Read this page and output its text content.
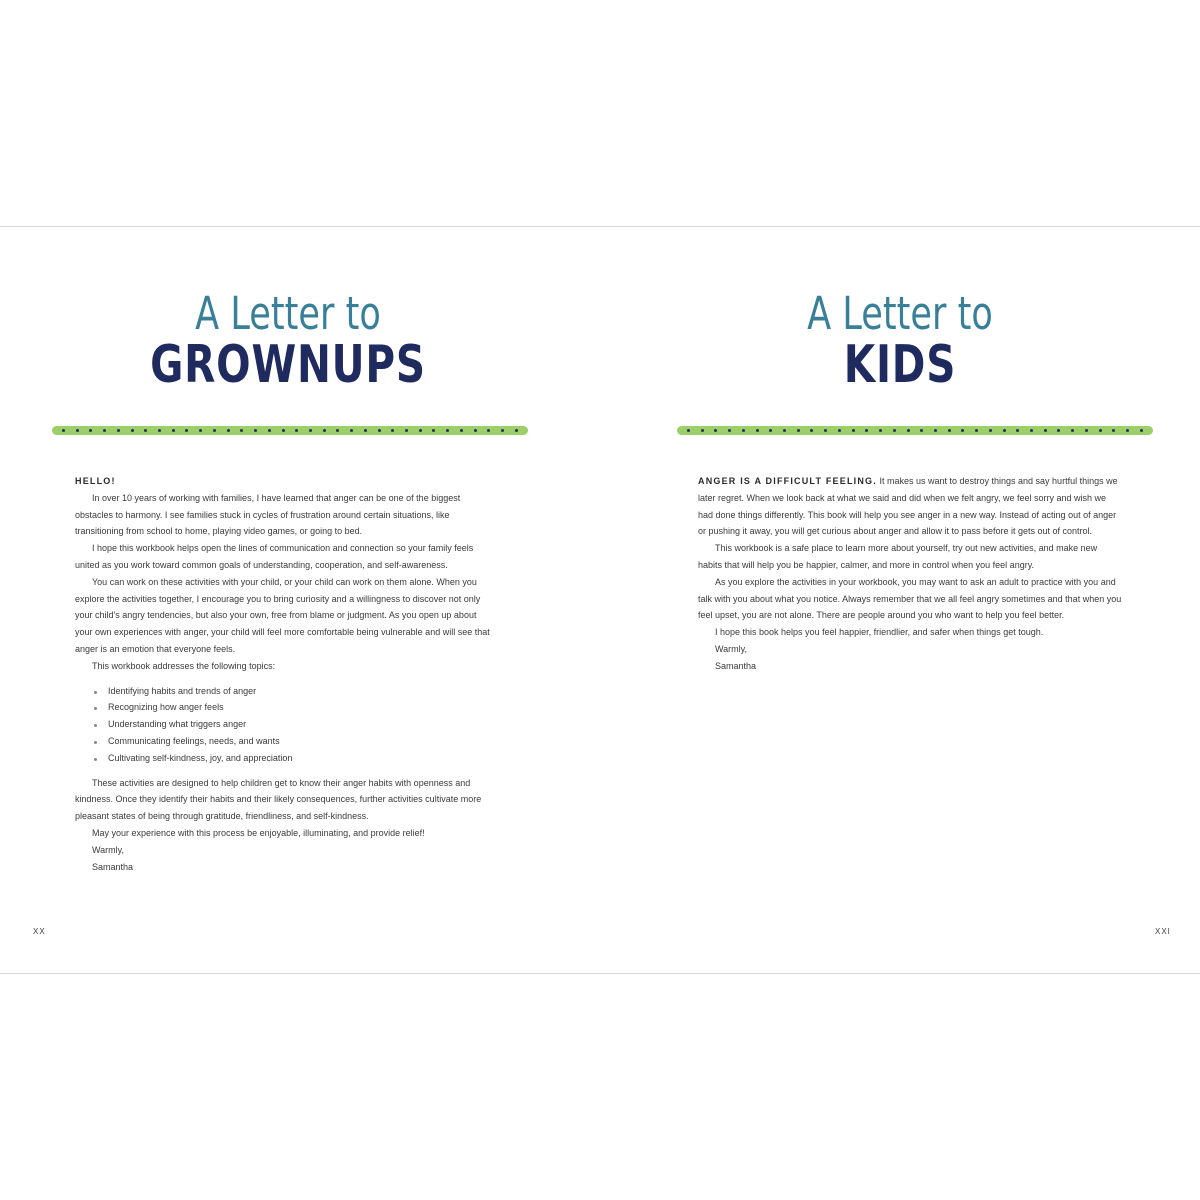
A Letter to
GROWNUPS

HELLO!

In over 10 years of working with families, I have learned that anger can be one of the biggest obstacles to harmony. I see families stuck in cycles of frustration around certain situations, like transitioning from school to home, playing video games, or going to bed.

I hope this workbook helps open the lines of communication and connection so your family feels united as you work toward common goals of understanding, cooperation, and self-awareness.

You can work on these activities with your child, or your child can work on them alone. When you explore the activities together, I encourage you to bring curiosity and a willingness to discover not only your child's angry tendencies, but also your own, free from blame or judgment. As you open up about your own experiences with anger, your child will feel more comfortable being vulnerable and will see that anger is an emotion that everyone feels.

This workbook addresses the following topics:

Identifying habits and trends of anger
Recognizing how anger feels
Understanding what triggers anger
Communicating feelings, needs, and wants
Cultivating self-kindness, joy, and appreciation

These activities are designed to help children get to know their anger habits with openness and kindness. Once they identify their habits and their likely consequences, further activities cultivate more pleasant states of being through gratitude, friendliness, and self-kindness.

May your experience with this process be enjoyable, illuminating, and provide relief!

Warmly,

Samantha

XX
A Letter to
KIDS

ANGER IS A DIFFICULT FEELING. It makes us want to destroy things and say hurtful things we later regret. When we look back at what we said and did when we felt angry, we feel sorry and wish we had done things differently. This book will help you see anger in a new way. Instead of acting out of anger or pushing it away, you will get curious about anger and allow it to pass before it gets out of control.

This workbook is a safe place to learn more about yourself, try out new activities, and make new habits that will help you be happier, calmer, and more in control when you feel angry.

As you explore the activities in your workbook, you may want to ask an adult to practice with you and talk with you about what you notice. Always remember that we all feel angry sometimes and that when you feel upset, you are not alone. There are people around you who want to help you feel better.

I hope this book helps you feel happier, friendlier, and safer when things get tough.

Warmly,

Samantha

XXI
